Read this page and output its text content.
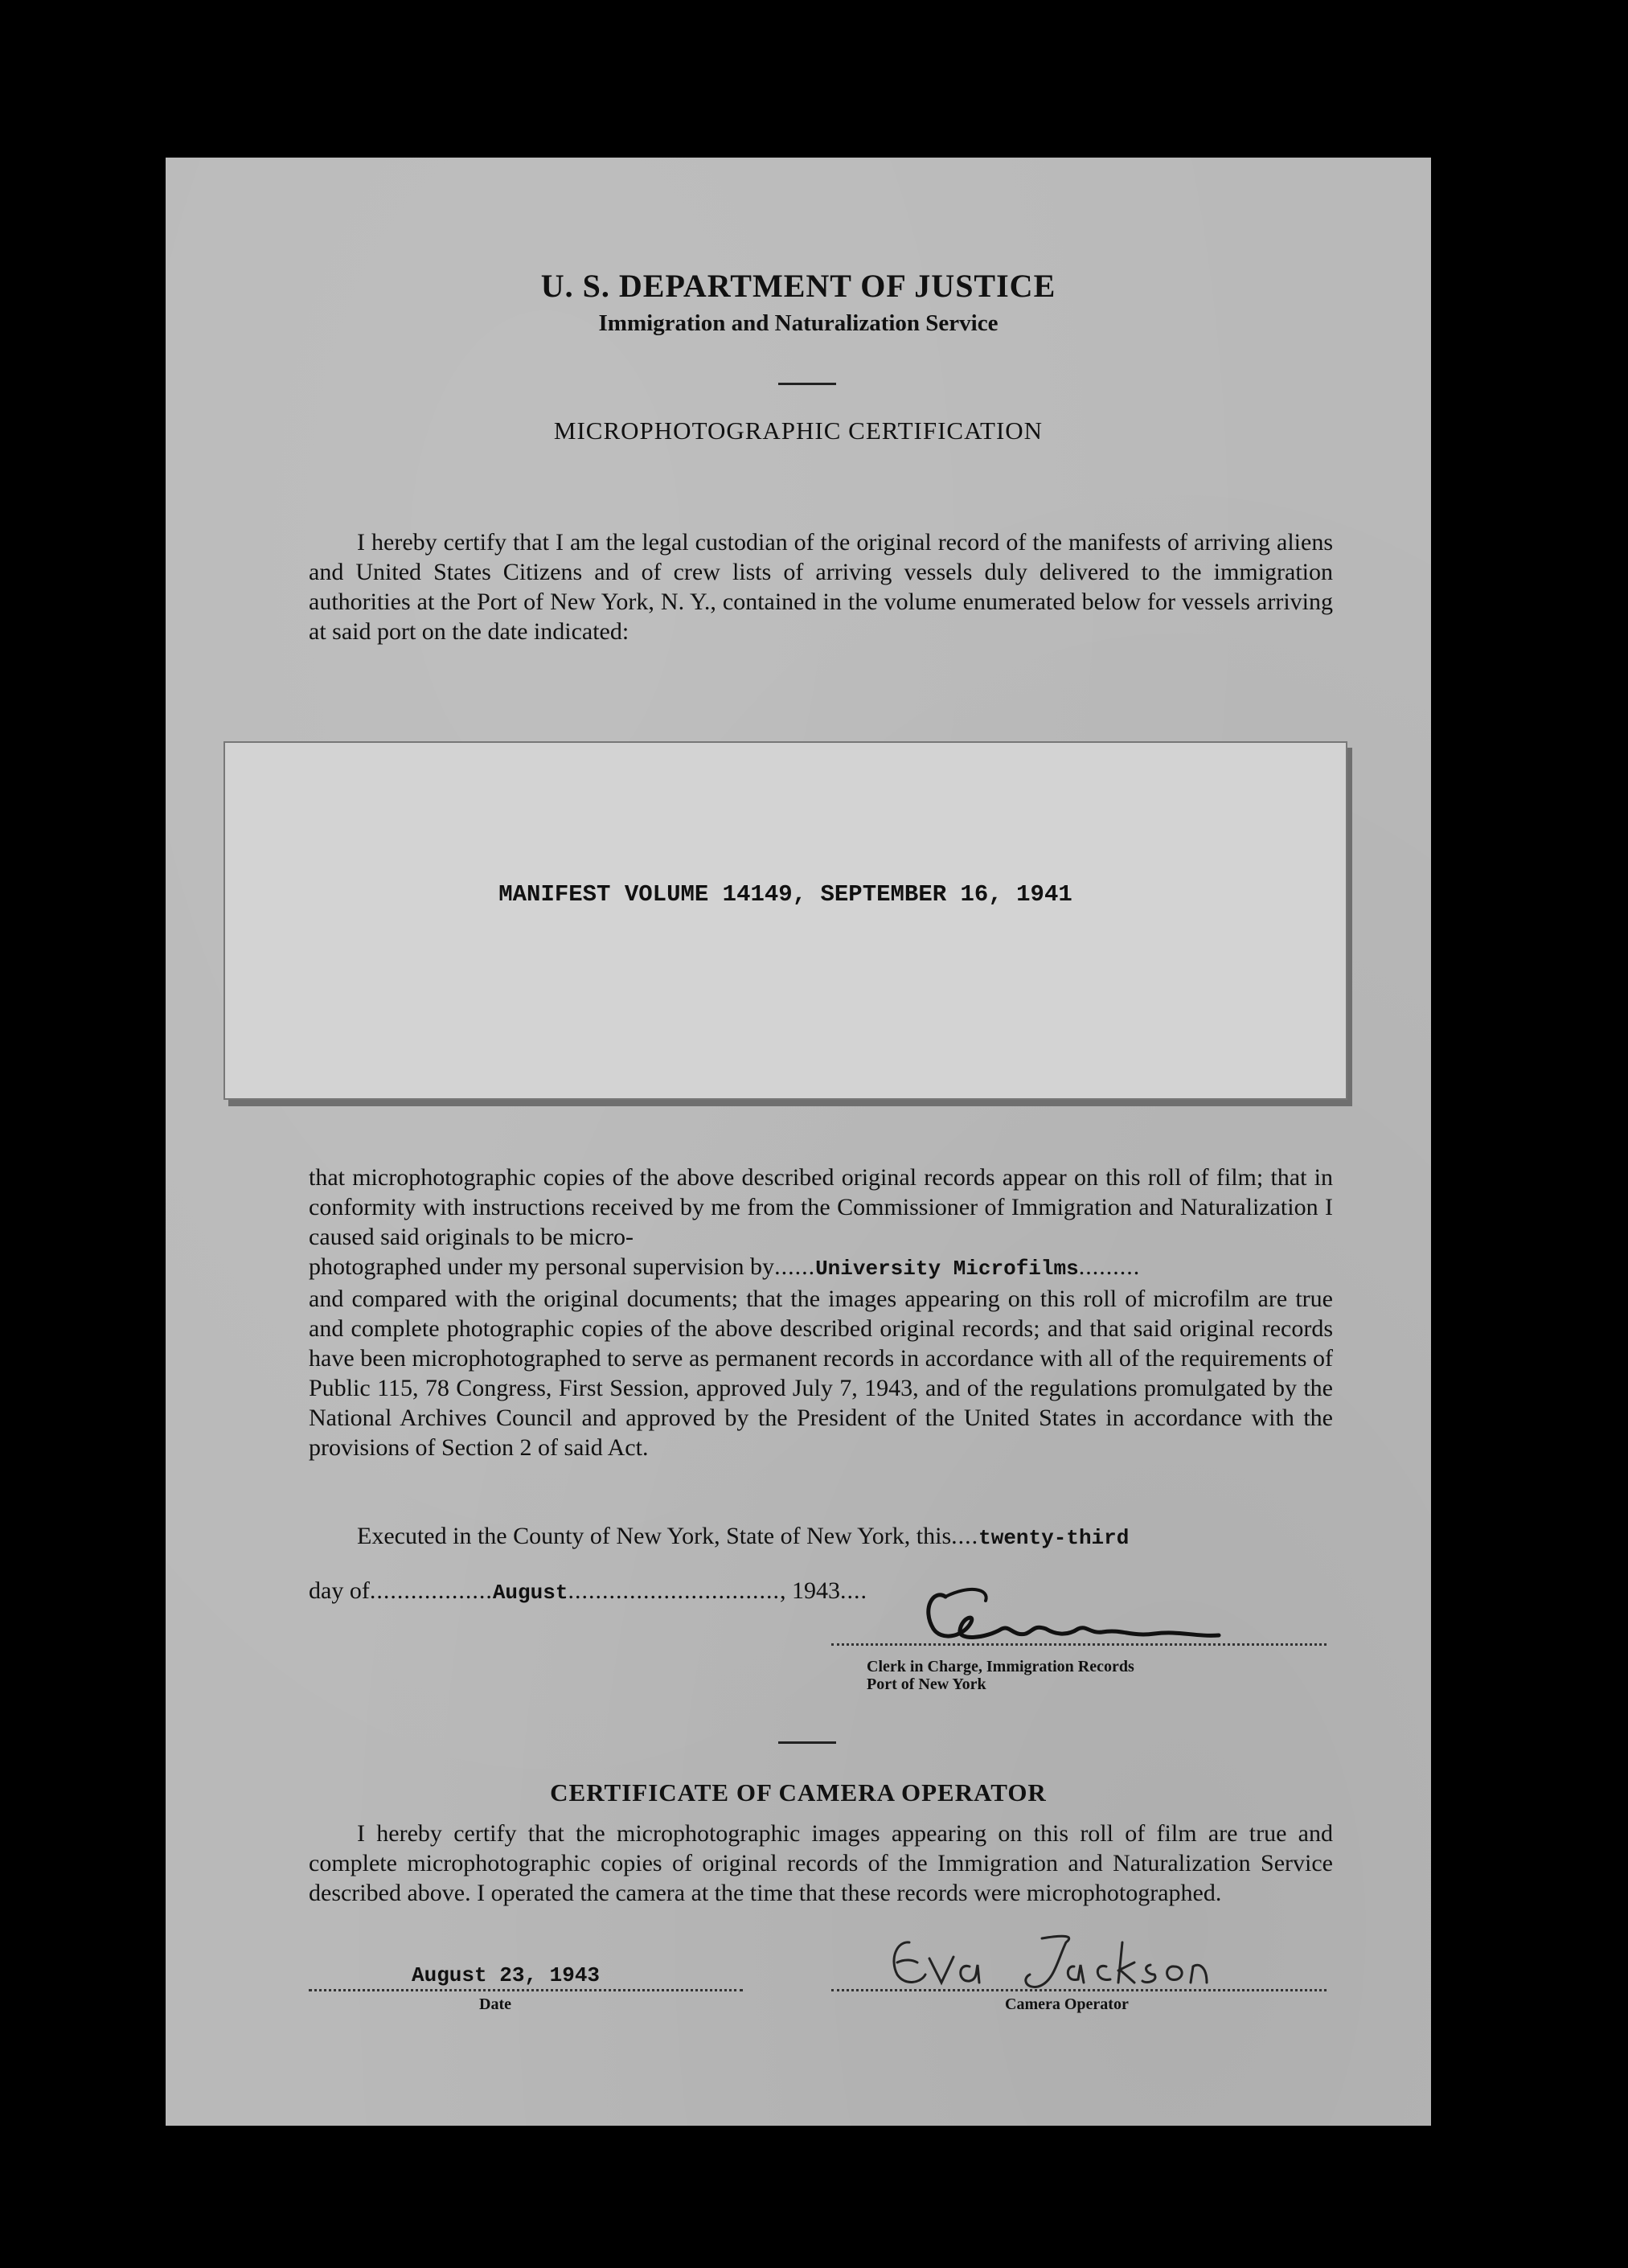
U. S. DEPARTMENT OF JUSTICE
Immigration and Naturalization Service
MICROPHOTOGRAPHIC CERTIFICATION
I hereby certify that I am the legal custodian of the original record of the manifests of arriving aliens and United States Citizens and of crew lists of arriving vessels duly delivered to the immigration authorities at the Port of New York, N. Y., contained in the volume enumerated below for vessels arriving at said port on the date indicated:
MANIFEST VOLUME 14149, SEPTEMBER 16, 1941
that microphotographic copies of the above described original records appear on this roll of film; that in conformity with instructions received by me from the Commissioner of Immigration and Naturalization I caused said originals to be micro-
photographed under my personal supervision by......University Microfilms.........
and compared with the original documents; that the images appearing on this roll of microfilm are true and complete photographic copies of the above described original records; and that said original records have been microphotographed to serve as permanent records in accordance with all of the requirements of Public 115, 78 Congress, First Session, approved July 7, 1943, and of the regulations promulgated by the National Archives Council and approved by the President of the United States in accordance with the provisions of Section 2 of said Act.
Executed in the County of New York, State of New York, this....twenty-third
day of..................August..............................., 1943....
Clerk in Charge, Immigration Records
Port of New York
CERTIFICATE OF CAMERA OPERATOR
I hereby certify that the microphotographic images appearing on this roll of film are true and complete microphotographic copies of original records of the Immigration and Naturalization Service described above. I operated the camera at the time that these records were microphotographed.
August 23, 1943
Date	Camera Operator
